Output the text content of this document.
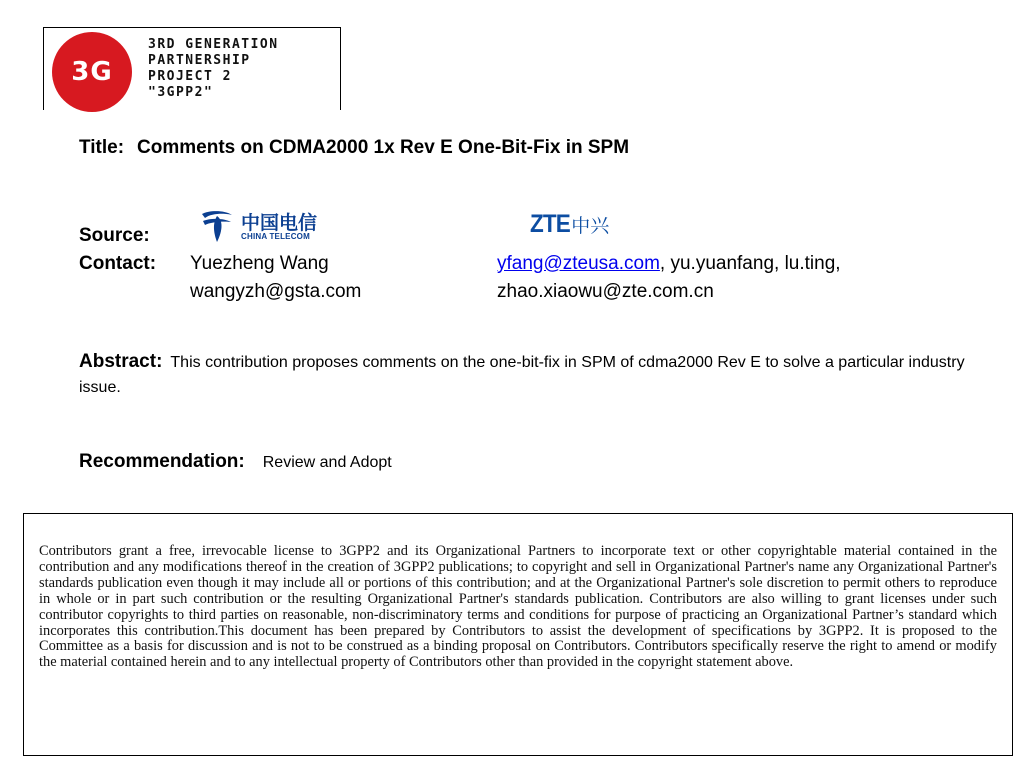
3G
3RD GENERATION
PARTNERSHIP
PROJECT 2
"3GPP2"
Title: Comments on CDMA2000 1x Rev E One-Bit-Fix in SPM
Source:
中国电信
CHINA TELECOM	ZTE中兴
Contact: Yuezheng Wang
wangyzh@gsta.com
yfang@zteusa.com, yu.yuanfang, lu.ting,
zhao.xiaowu@zte.com.cn
Abstract: This contribution proposes comments on the one-bit-fix in SPM of cdma2000 Rev E to solve a particular industry issue.
Recommendation: Review and Adopt
Contributors grant a free, irrevocable license to 3GPP2 and its Organizational Partners to incorporate text or other copyrightable material contained in the contribution and any modifications thereof in the creation of 3GPP2 publications; to copyright and sell in Organizational Partner's name any Organizational Partner's standards publication even though it may include all or portions of this contribution; and at the Organizational Partner's sole discretion to permit others to reproduce in whole or in part such contribution or the resulting Organizational Partner's standards publication. Contributors are also willing to grant licenses under such contributor copyrights to third parties on reasonable, non-discriminatory terms and conditions for purpose of practicing an Organizational Partner’s standard which incorporates this contribution.This document has been prepared by Contributors to assist the development of specifications by 3GPP2. It is proposed to the Committee as a basis for discussion and is not to be construed as a binding proposal on Contributors. Contributors specifically reserve the right to amend or modify the material contained herein and to any intellectual property of Contributors other than provided in the copyright statement above.
